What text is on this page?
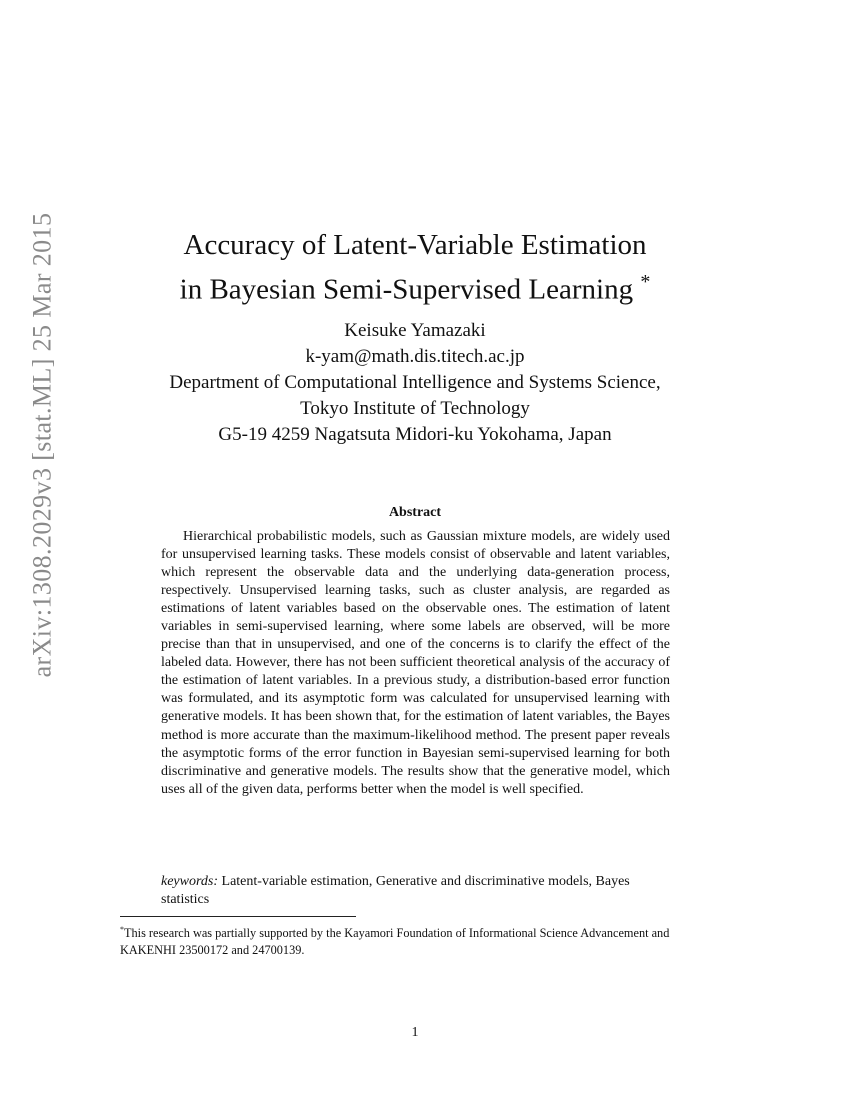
arXiv:1308.2029v3 [stat.ML] 25 Mar 2015	Accuracy of Latent-Variable Estimation
in Bayesian Semi-Supervised Learning *
Keisuke Yamazaki
k-yam@math.dis.titech.ac.jp
Department of Computational Intelligence and Systems Science,
Tokyo Institute of Technology
G5-19 4259 Nagatsuta Midori-ku Yokohama, Japan
Abstract

Hierarchical probabilistic models, such as Gaussian mixture models, are widely used for unsupervised learning tasks. These models consist of observable and latent variables, which represent the observable data and the underlying data-generation process, respectively. Unsupervised learning tasks, such as cluster analysis, are regarded as estimations of latent variables based on the observable ones. The estimation of latent variables in semi-supervised learning, where some labels are observed, will be more precise than that in unsupervised, and one of the concerns is to clarify the effect of the labeled data. However, there has not been sufficient theoretical analysis of the accuracy of the estimation of latent variables. In a previous study, a distribution-based error function was formulated, and its asymptotic form was calculated for unsupervised learning with generative models. It has been shown that, for the estimation of latent variables, the Bayes method is more accurate than the maximum-likelihood method. The present paper reveals the asymptotic forms of the error function in Bayesian semi-supervised learning for both discriminative and generative models. The results show that the generative model, which uses all of the given data, performs better when the model is well specified.

keywords: Latent-variable estimation, Generative and discriminative models, Bayes statistics
*This research was partially supported by the Kayamori Foundation of Informational Science Advancement and KAKENHI 23500172 and 24700139.
1
